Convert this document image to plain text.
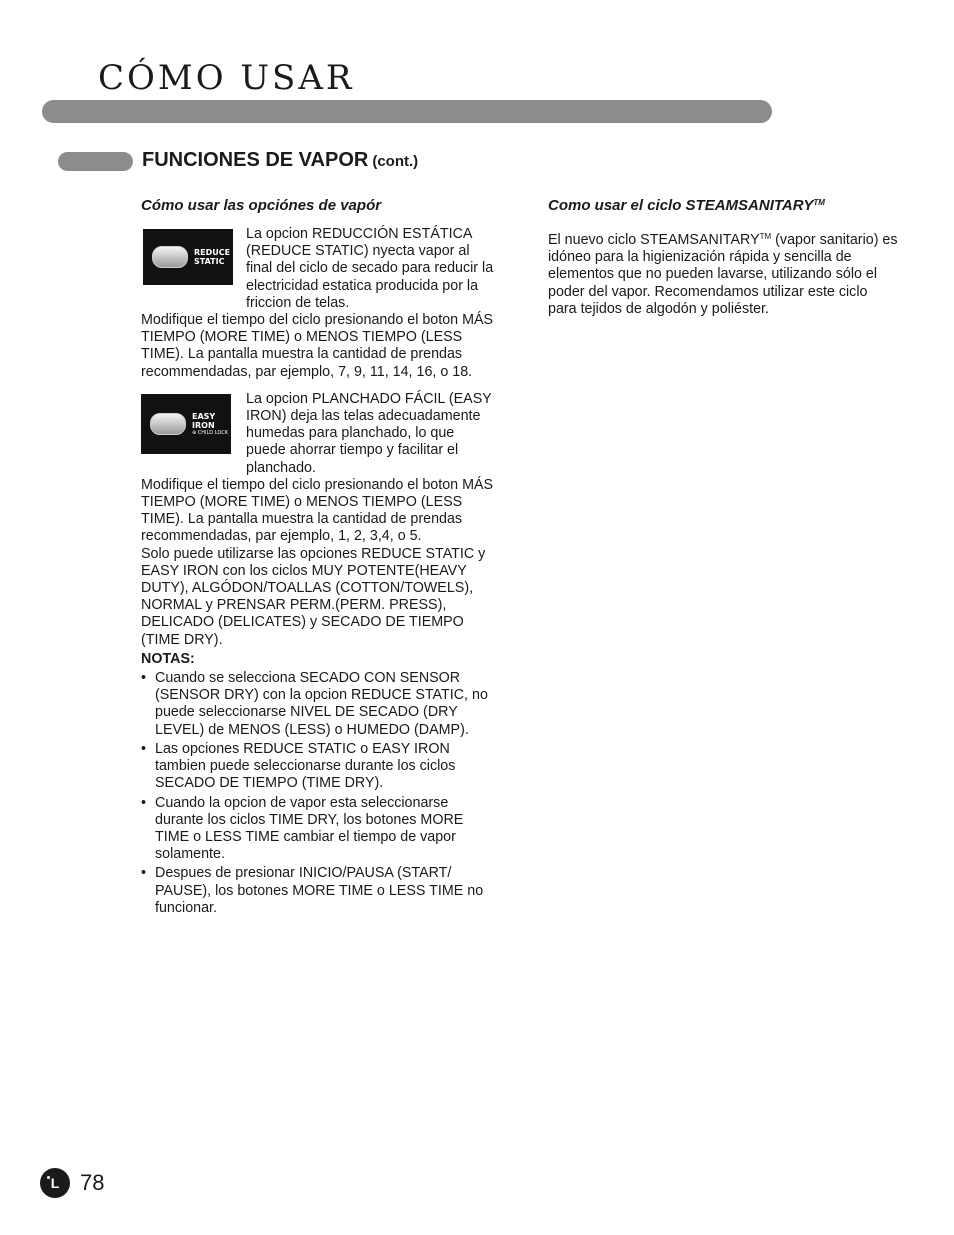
CÓMO USAR
FUNCIONES DE VAPOR (cont.)
Cómo usar las opciónes de vapór
REDUCE
STATIC

La opcion REDUCCIÓN ESTÁTICA (REDUCE STATIC) nyecta vapor al final del ciclo de secado para reducir la electricidad estatica producida por la friccion de telas.

Modifique el tiempo del ciclo presionando el boton MÁS TIEMPO (MORE TIME) o MENOS TIEMPO (LESS TIME). La pantalla muestra la cantidad de prendas recommendadas, par ejemplo, 7, 9, 11, 14, 16, o 18.

EASY IRON
⊕ CHILD LOCK

La opcion PLANCHADO FÁCIL (EASY IRON) deja las telas adecuadamente humedas para planchado, lo que puede ahorrar tiempo y facilitar el planchado.

Modifique el tiempo del ciclo presionando el boton MÁS TIEMPO (MORE TIME) o MENOS TIEMPO (LESS TIME). La pantalla muestra la cantidad de prendas recommendadas, par ejemplo, 1, 2, 3,4, o 5.

Solo puede utilizarse las opciones REDUCE STATIC y EASY IRON con los ciclos MUY POTENTE(HEAVY DUTY), ALGÓDON/TOALLAS (COTTON/TOWELS), NORMAL y PRENSAR PERM.(PERM. PRESS), DELICADO (DELICATES) y SECADO DE TIEMPO (TIME DRY).

NOTAS:

• Cuando se selecciona SECADO CON SENSOR (SENSOR DRY) con la opcion REDUCE STATIC, no puede seleccionarse NIVEL DE SECADO (DRY LEVEL) de MENOS (LESS) o HUMEDO (DAMP).
• Las opciones REDUCE STATIC o EASY IRON tambien puede seleccionarse durante los ciclos SECADO DE TIEMPO (TIME DRY).
• Cuando la opcion de vapor esta seleccionarse durante los ciclos TIME DRY, los botones MORE TIME o LESS TIME cambiar el tiempo de vapor solamente.
• Despues de presionar INICIO/PAUSA (START/ PAUSE), los botones MORE TIME o LESS TIME no funcionar.
Como usar el ciclo STEAMSANITARY™

El nuevo ciclo STEAMSANITARY™ (vapor sanitario) es idóneo para la higienización rápida y sencilla de elementos que no pueden lavarse, utilizando sólo el poder del vapor. Recomendamos utilizar este ciclo para tejidos de algodón y poliéster.

L 78
